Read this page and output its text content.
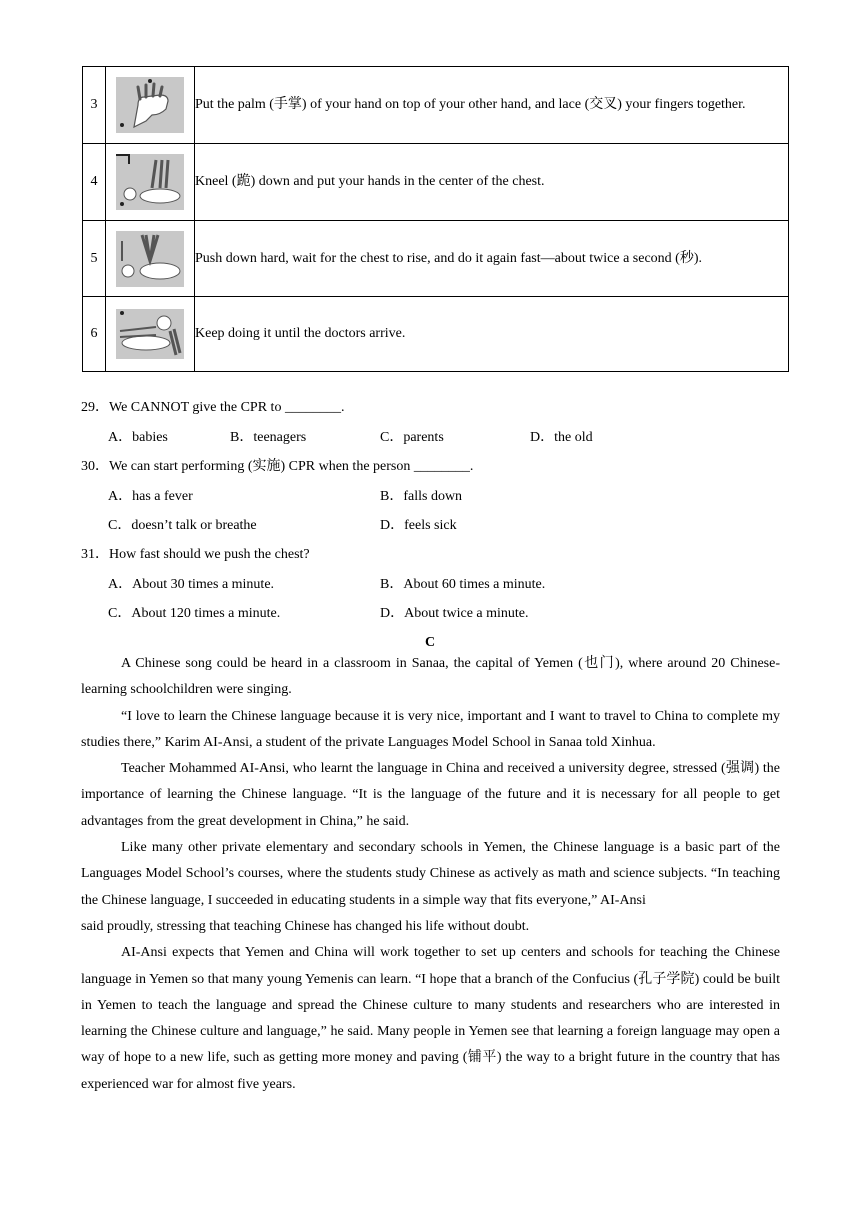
3		Put the palm (手掌) of your hand on top of your other hand, and lace (交叉) your fingers together.
4		Kneel (跪) down and put your hands in the center of the chest.
5		Push down hard, wait for the chest to rise, and do it again fast—about twice a second (秒).
6		Keep doing it until the doctors arrive.
29．We CANNOT give the CPR to ________.
A．babies	B．teenagers	C．parents	D．the old
30．We can start performing (实施) CPR when the person ________.
A．has a fever	B．falls down
C．doesn’t talk or breathe	D．feels sick
31．How fast should we push the chest?
A．About 30 times a minute.	B．About 60 times a minute.
C．About 120 times a minute.	D．About twice a minute.
C

A Chinese song could be heard in a classroom in Sanaa, the capital of Yemen (也门), where around 20 Chinese-learning schoolchildren were singing.

“I love to learn the Chinese language because it is very nice, important and I want to travel to China to complete my studies there,” Karim AI-Ansi, a student of the private Languages Model School in Sanaa told Xinhua.

Teacher Mohammed AI-Ansi, who learnt the language in China and received a university degree, stressed (强调) the importance of learning the Chinese language. “It is the language of the future and it is necessary for all people to get advantages from the great development in China,” he said.

Like many other private elementary and secondary schools in Yemen, the Chinese language is a basic part of the Languages Model School’s courses, where the students study Chinese as actively as math and science subjects. “In teaching the Chinese language, I succeeded in educating students in a simple way that fits everyone,” AI-Ansi

said proudly, stressing that teaching Chinese has changed his life without doubt.

AI-Ansi expects that Yemen and China will work together to set up centers and schools for teaching the Chinese language in Yemen so that many young Yemenis can learn. “I hope that a branch of the Confucius (孔子学院) could be built in Yemen to teach the language and spread the Chinese culture to many students and researchers who are interested in learning the Chinese culture and language,” he said. Many people in Yemen see that learning a foreign language may open a way of hope to a new life, such as getting more money and paving (铺平) the way to a bright future in the country that has experienced war for almost five years.
